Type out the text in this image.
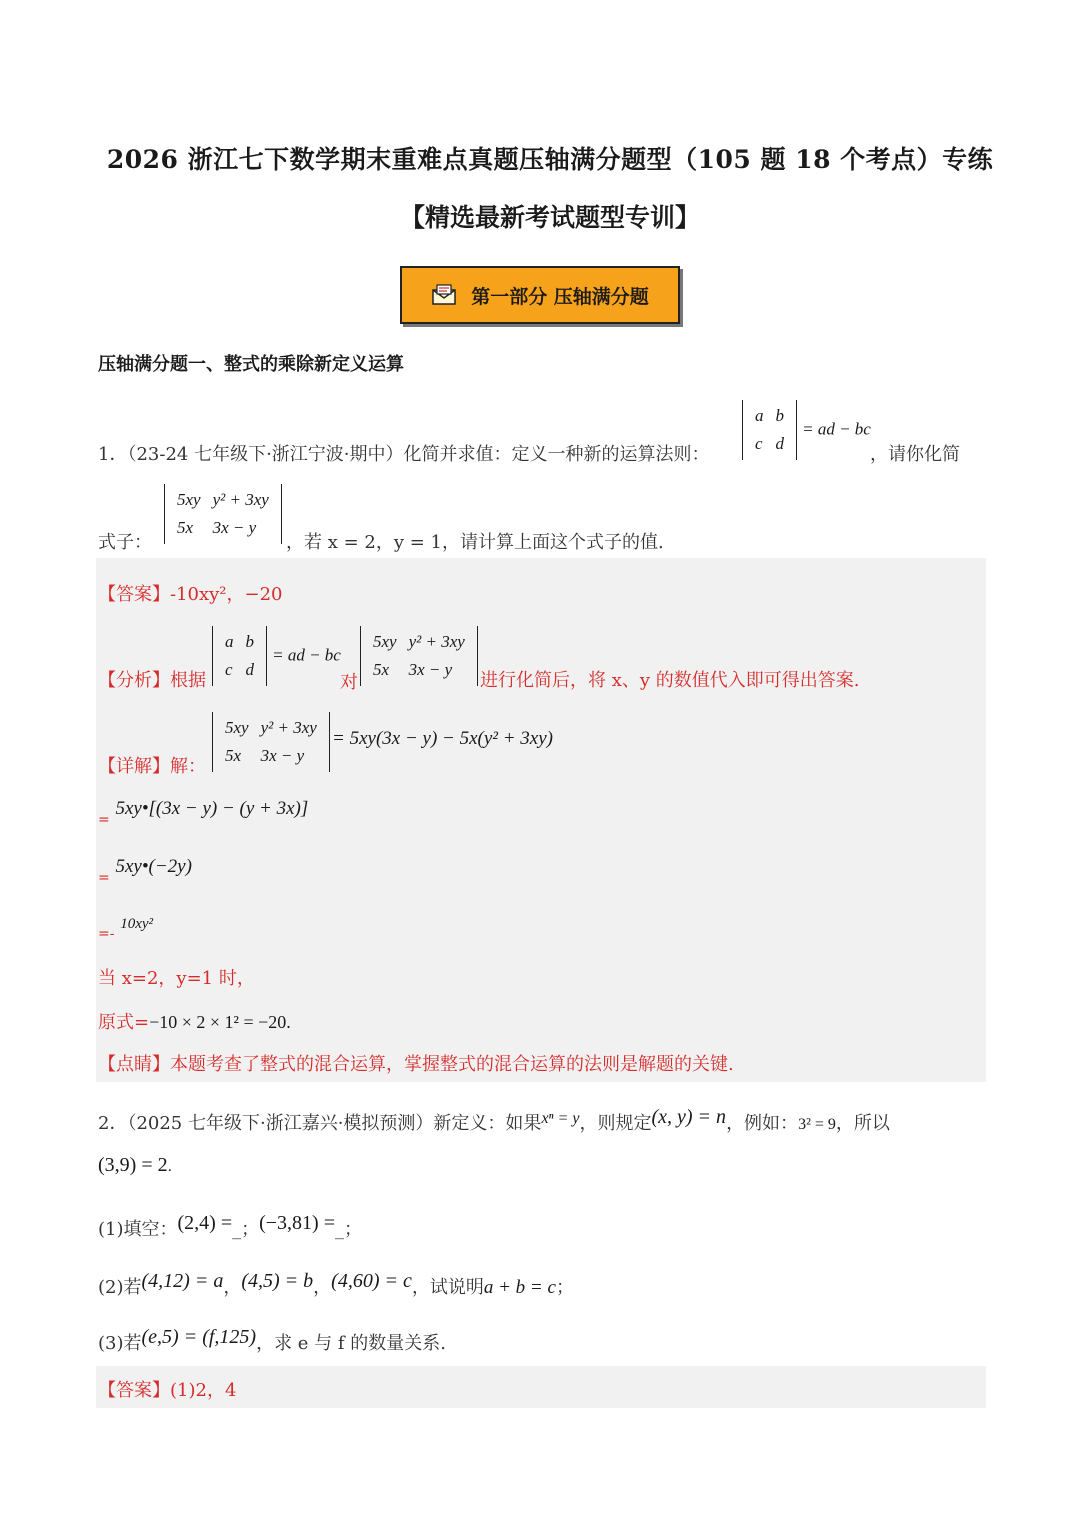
2026 浙江七下数学期末重难点真题压轴满分题型（105 题 18 个考点）专练
【精选最新考试题型专训】
第一部分 压轴满分题
压轴满分题一、整式的乘除新定义运算
1．（23-24 七年级下·浙江宁波·期中）化简并求值：定义一种新的运算法则：
a	b
c	d
= ad − bc
，请你化简
式子：
5xy	y² + 3xy
5x	3x − y
，若 x = 2，y = 1，请计算上面这个式子的值.
【答案】-10xy²，−20
【分析】根据
a	b
c	d
= ad − bc
对
5xy	y² + 3xy
5x	3x − y
进行化简后，将 x、y 的数值代入即可得出答案.
【详解】解：
5xy	y² + 3xy
5x	3x − y
= 5xy(3x − y) − 5x(y² + 3xy)
$_=$ 5xy•[(3x − y) − (y + 3x)]
$_=$ 5xy•(−2y)
$_{=-}$ 10xy²
当 x=2，y=1 时，
原式=−10 × 2 × 1² = −20.
【点睛】本题考查了整式的混合运算，掌握整式的混合运算的法则是解题的关键.
2．（2025 七年级下·浙江嘉兴·模拟预测）新定义：如果xⁿ = y，则规定(x, y) = n，例如：3² = 9，所以
(3,9) = 2.
(1)填空：(2,4) =_；(−3,81) =_；
(2)若(4,12) = a，(4,5) = b，(4,60) = c，试说明a + b = c；
(3)若(e,5) = (f,125)，求 e 与 f 的数量关系.
【答案】(1)2，4
